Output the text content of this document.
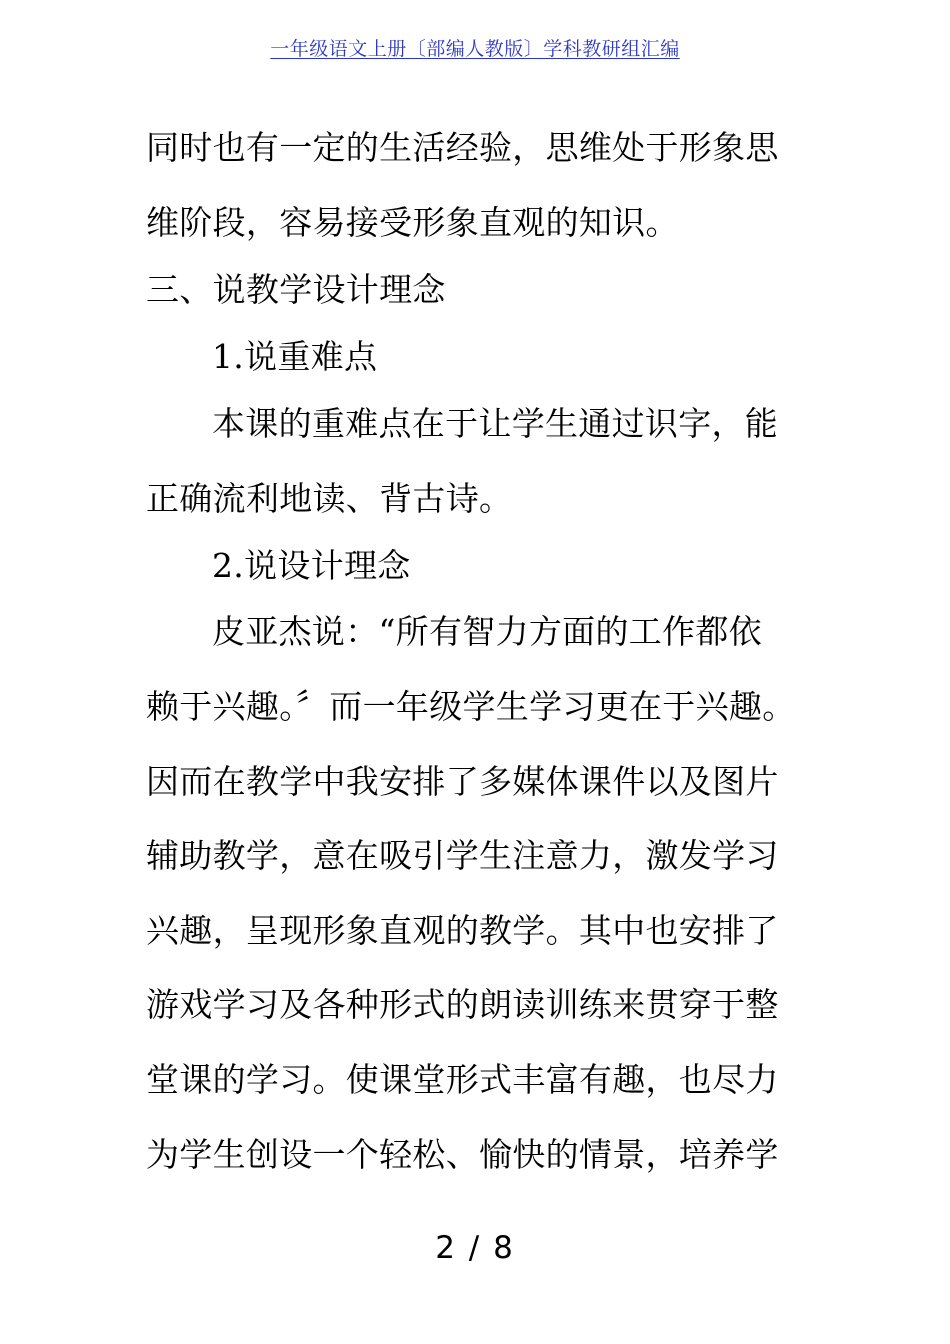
一年级语文上册〔部编人教版〕学科教研组汇编
同时也有一定的生活经验，思维处于形象思
维阶段，容易接受形象直观的知识。
三、说教学设计理念
1.说重难点
本课的重难点在于让学生通过识字，能
正确流利地读、背古诗。
2.说设计理念
皮亚杰说：“所有智力方面的工作都依
赖于兴趣。〞而一年级学生学习更在于兴趣。
因而在教学中我安排了多媒体课件以及图片
辅助教学，意在吸引学生注意力，激发学习
兴趣，呈现形象直观的教学。其中也安排了
游戏学习及各种形式的朗读训练来贯穿于整
堂课的学习。使课堂形式丰富有趣，也尽力
为学生创设一个轻松、愉快的情景，培养学
2 / 8
